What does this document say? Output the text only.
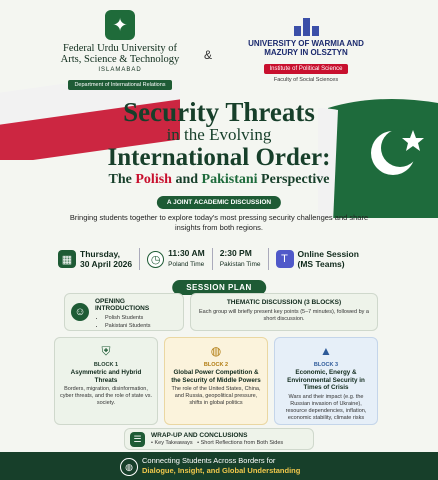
✦
Federal Urdu University of Arts, Science & Technology
ISLAMABAD
Department of International Relations
&
UNIVERSITY OF WARMIA AND MAZURY IN OLSZTYN
Institute of Political Science
Faculty of Social Sciences
Security Threats
in the Evolving
International Order:
The Polish and Pakistani Perspective
A JOINT ACADEMIC DISCUSSION
Bringing students together to explore today's most pressing security challenges and share insights from both regions.
▦ Thursday,
30 April 2026	◷
11:30 AM
Poland Time
2:30 PM
Pakistan Time	T	Online Session
(MS Teams)
SESSION PLAN
☺
OPENING INTRODUCTIONS
• Polish Students
• Pakistani Students
THEMATIC DISCUSSION (3 BLOCKS)

Each group will briefly present key points (5–7 minutes), followed by a short discussion.

⛨
BLOCK 1
Asymmetric and Hybrid Threats

Borders, migration, disinformation, cyber threats, and the role of state vs. society.

◍
BLOCK 2
Global Power Competition & the Security of Middle Powers

The role of the United States, China, and Russia, geopolitical pressure, shifts in global politics

▲
BLOCK 3
Economic, Energy & Environmental Security in Times of Crisis

Wars and their impact (e.g. the Russian invasion of Ukraine), resource dependencies, inflation, economic stability, climate risks

☰	WRAP-UP AND CONCLUSIONS
• Key Takeaways   • Short Reflections from Both Sides
◍
Connecting Students Across Borders for
Dialogue, Insight, and Global Understanding
